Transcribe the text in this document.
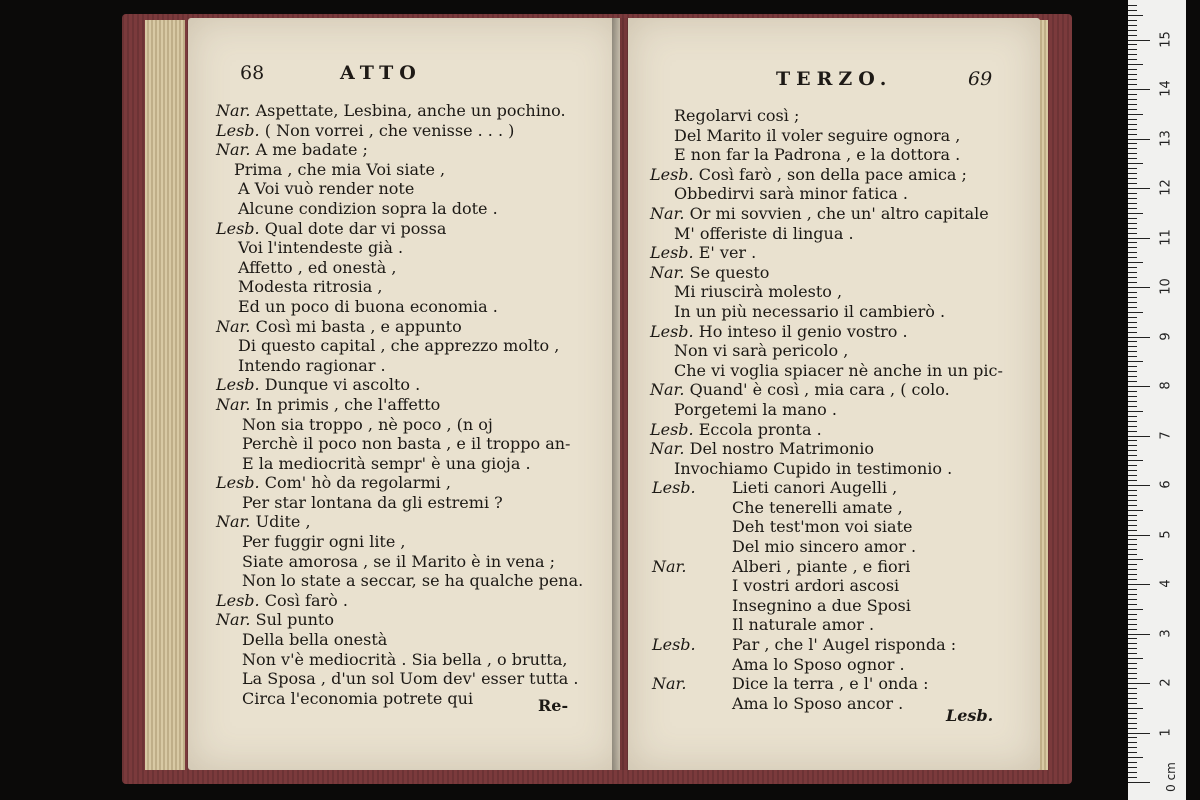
68	ATTO
Nar. Aspettate, Lesbina, anche un pochino.
Lesb. ( Non vorrei , che venisse . . . )
Nar. A me badate ;
Prima , che mia Voi siate ,
A Voi vuò render note
Alcune condizion sopra la dote .
Lesb. Qual dote dar vi possa
Voi l'intendeste già .
Affetto , ed onestà ,
Modesta ritrosia ,
Ed un poco di buona economia .
Nar. Così mi basta , e appunto
Di questo capital , che apprezzo molto ,
Intendo ragionar .
Lesb. Dunque vi ascolto .
Nar. In primis , che l'affetto
Non sia troppo , nè poco , (n oj
Perchè il poco non basta , e il troppo an-
E la mediocrità sempr' è una gioja .
Lesb. Com' hò da regolarmi ,
Per star lontana da gli estremi ?
Nar. Udite ,
Per fuggir ogni lite ,
Siate amorosa , se il Marito è in vena ;
Non lo state a seccar, se ha qualche pena.
Lesb. Così farò .
Nar. Sul punto
Della bella onestà
Non v'è mediocrità . Sia bella , o brutta,
La Sposa , d'un sol Uom dev' esser tutta .
Circa l'economia potrete qui	Re-
TERZO.	69
Regolarvi così ;
Del Marito il voler seguire ognora ,
E non far la Padrona , e la dottora .
Lesb. Così farò , son della pace amica ;
Obbedirvi sarà minor fatica .
Nar. Or mi sovvien , che un' altro capitale
M' offeriste di lingua .
Lesb. E' ver .
Nar. Se questo
Mi riuscirà molesto ,
In un più necessario il cambierò .
Lesb. Ho inteso il genio vostro .
Non vi sarà pericolo ,
Che vi voglia spiacer nè anche in un pic-
Nar. Quand' è così , mia cara , ( colo.
Porgetemi la mano .
Lesb. Eccola pronta .
Nar. Del nostro Matrimonio
Invochiamo Cupido in testimonio .
Lesb. Lieti canori Augelli ,
Che tenerelli amate ,
Deh test'mon voi siate
Del mio sincero amor .
Nar.	Alberi , piante , e fiori
I vostri ardori ascosi
Insegnino a due Sposi
Il naturale amor .
Lesb. Par , che l' Augel risponda :
Ama lo Sposo ognor .
Nar.	Dice la terra , e l' onda :
Ama lo Sposo ancor .
Lesb.
0 cm
1
2
3
4
5
6
7
8
9
10
11
12
13
14
15
